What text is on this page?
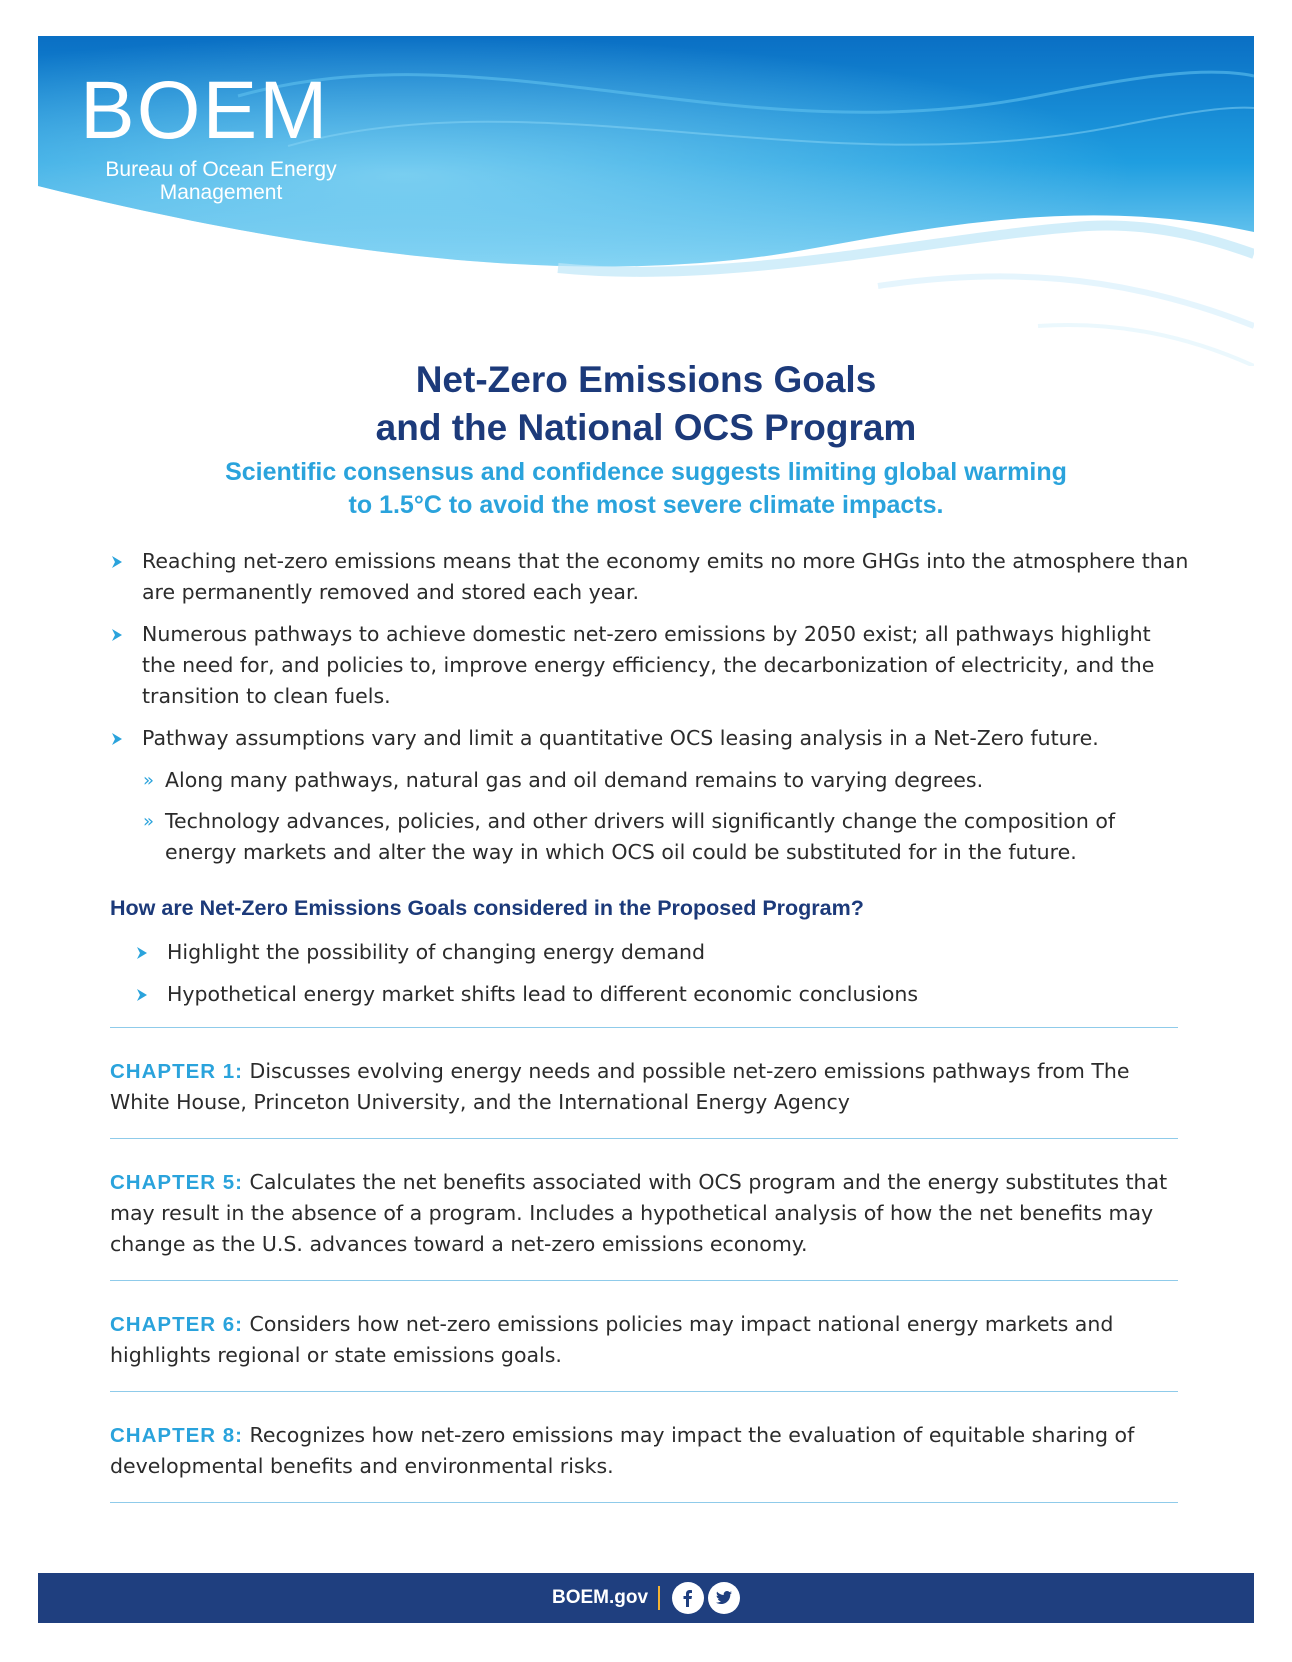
BOEM
Bureau of Ocean Energy Management
Net-Zero Emissions Goals
and the National OCS Program
Scientific consensus and confidence suggests limiting global warming
to 1.5°C to avoid the most severe climate impacts.
Reaching net-zero emissions means that the economy emits no more GHGs into the atmosphere than are permanently removed and stored each year.
Numerous pathways to achieve domestic net-zero emissions by 2050 exist; all pathways highlight the need for, and policies to, improve energy efficiency, the decarbonization of electricity, and the transition to clean fuels.
Pathway assumptions vary and limit a quantitative OCS leasing analysis in a Net-Zero future.
» Along many pathways, natural gas and oil demand remains to varying degrees.
» Technology advances, policies, and other drivers will significantly change the composition of energy markets and alter the way in which OCS oil could be substituted for in the future.
How are Net-Zero Emissions Goals considered in the Proposed Program?
Highlight the possibility of changing energy demand
Hypothetical energy market shifts lead to different economic conclusions
CHAPTER 1: Discusses evolving energy needs and possible net-zero emissions pathways from The White House, Princeton University, and the International Energy Agency
CHAPTER 5: Calculates the net benefits associated with OCS program and the energy substitutes that may result in the absence of a program. Includes a hypothetical analysis of how the net benefits may change as the U.S. advances toward a net-zero emissions economy.
CHAPTER 6: Considers how net-zero emissions policies may impact national energy markets and highlights regional or state emissions goals.
CHAPTER 8: Recognizes how net-zero emissions may impact the evaluation of equitable sharing of developmental benefits and environmental risks.
BOEM.gov
